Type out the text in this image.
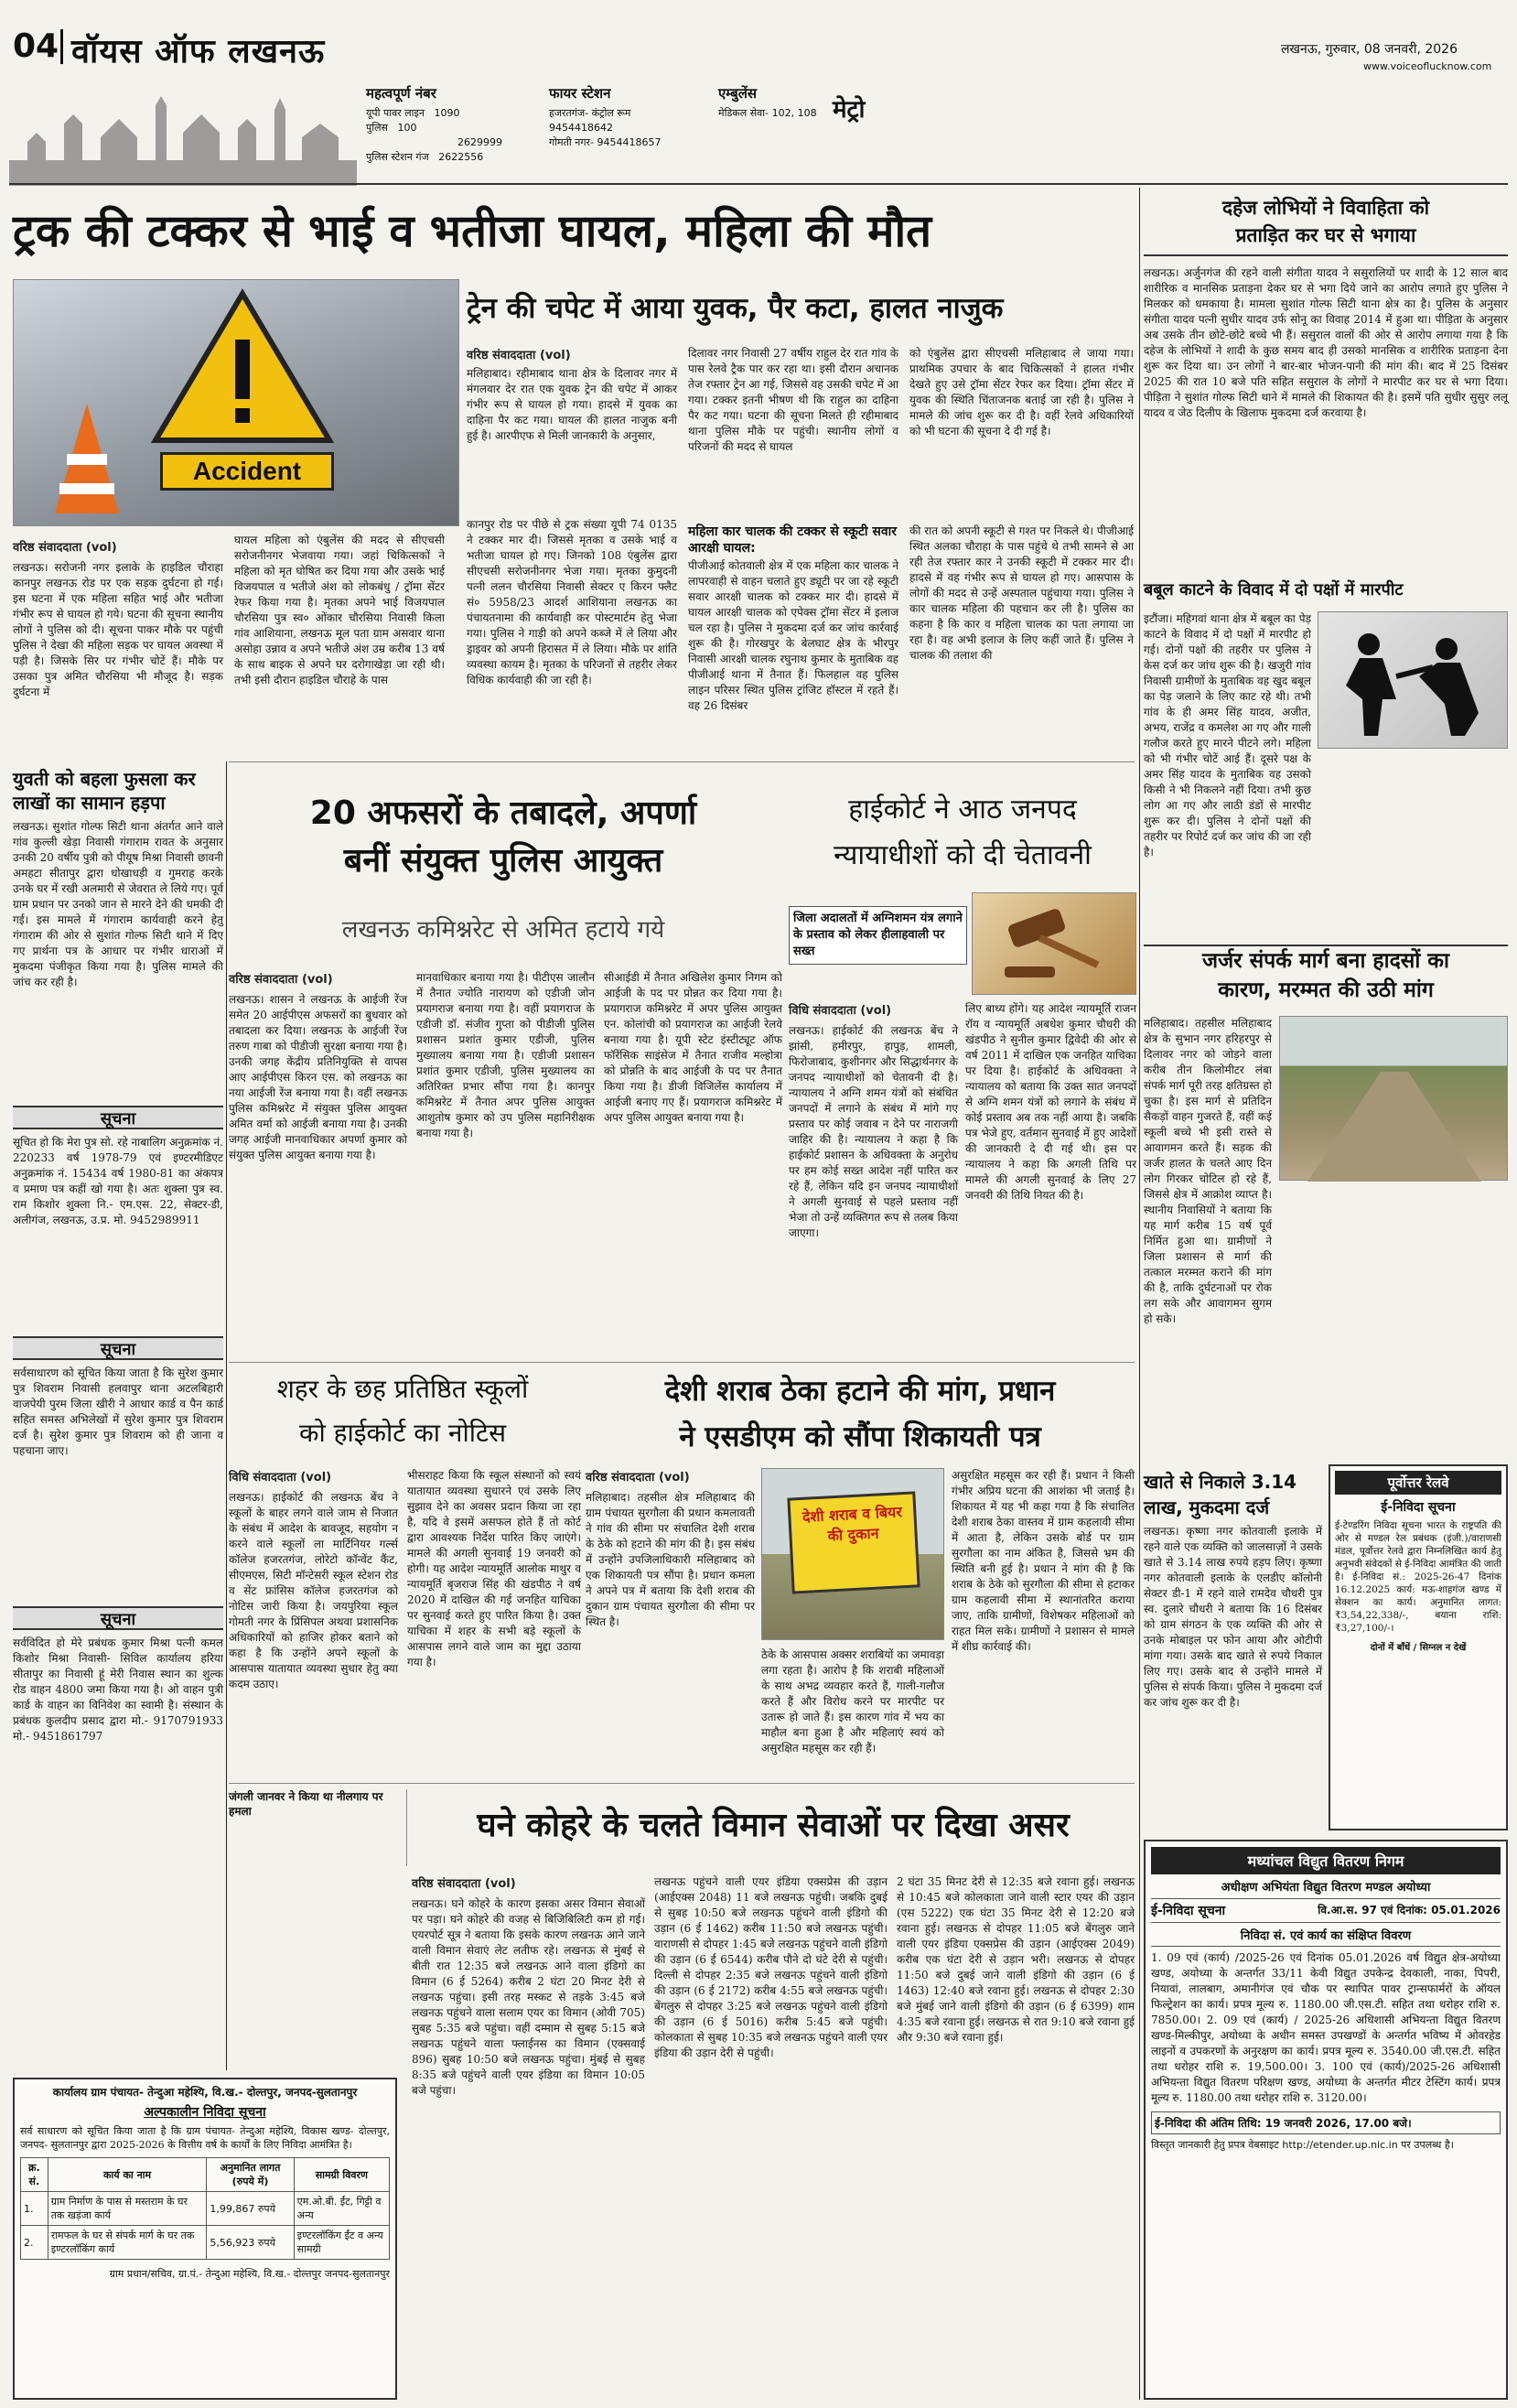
04 वॉयस ऑफ लखनऊ
महत्वपूर्ण नंबर
यूपी पावर लाइन 1090
पुलिस 100
2629999
पुलिस स्टेशन गंज 2622556
फायर स्टेशन
हजरतगंज- कंट्रोल रूम
9454418642
गोमती नगर- 9454418657
एम्बुलेंस
मेडिकल सेवा- 102, 108 मेट्रो
लखनऊ, गुरुवार, 08 जनवरी, 2026
www.voiceoflucknow.com
ट्रक की टक्कर से भाई व भतीजा घायल, महिला की मौत
Accident
वरिष्ठ संवाददाता (vol)
लखनऊ। सरोजनी नगर इलाके के हाइडिल चौराहा कानपुर लखनऊ रोड पर एक सड़क दुर्घटना हो गई। इस घटना में एक महिला सहित भाई और भतीजा गंभीर रूप से घायल हो गये। घटना की सूचना स्थानीय लोगों ने पुलिस को दी। सूचना पाकर मौके पर पहुंची पुलिस ने देखा की महिला सड़क पर घायल अवस्था में पड़ी है। जिसके सिर पर गंभीर चोटें हैं। मौके पर उसका पुत्र अमित चौरसिया भी मौजूद है। सड़क दुर्घटना में
घायल महिला को एंबुलेंस की मदद से सीएचसी सरोजनीनगर भेजवाया गया। जहां चिकित्सकों ने महिला को मृत घोषित कर दिया गया और उसके भाई विजयपाल व भतीजे अंश को लोकबंधु / ट्रॉमा सेंटर रेफर किया गया है। मृतका अपने भाई विजयपाल चौरसिया पुत्र स्व० ओंकार चौरसिया निवासी किला गांव आशियाना, लखनऊ मूल पता ग्राम असवार थाना असोहा उन्नाव व अपने भतीजे अंश उम्र करीब 13 वर्ष के साथ बाइक से अपने घर दरोगाखेड़ा जा रही थी। तभी इसी दौरान हाइडिल चौराहे के पास
कानपुर रोड पर पीछे से ट्रक संख्या यूपी 74 0135 ने टक्कर मार दी। जिससे मृतका व उसके भाई व भतीजा घायल हो गए। जिनको 108 एंबुलेंस द्वारा सीएचसी सरोजनीनगर भेजा गया। मृतका कुमुदनी पत्नी ललन चौरसिया निवासी सेक्टर ए किरन फ्लैट सं० 5958/23 आदर्श आशियाना लखनऊ का पंचायतनामा की कार्यवाही कर पोस्टमार्टम हेतु भेजा गया। पुलिस ने गाड़ी को अपने कब्जे में ले लिया और ड्राइवर को अपनी हिरासत में ले लिया। मौके पर शांति व्यवस्था कायम है। मृतका के परिजनों से तहरीर लेकर विधिक कार्यवाही की जा रही है।
ट्रेन की चपेट में आया युवक, पैर कटा, हालत नाजुक
वरिष्ठ संवाददाता (vol)
मलिहाबाद। रहीमाबाद थाना क्षेत्र के दिलावर नगर में मंगलवार देर रात एक युवक ट्रेन की चपेट में आकर गंभीर रूप से घायल हो गया। हादसे में युवक का दाहिना पैर कट गया। घायल की हालत नाजुक बनी हुई है। आरपीएफ से मिली जानकारी के अनुसार,
दिलावर नगर निवासी 27 वर्षीय राहुल देर रात गांव के पास रेलवे ट्रैक पार कर रहा था। इसी दौरान अचानक तेज रफ्तार ट्रेन आ गई, जिससे वह उसकी चपेट में आ गया। टक्कर इतनी भीषण थी कि राहुल का दाहिना पैर कट गया। घटना की सूचना मिलते ही रहीमाबाद थाना पुलिस मौके पर पहुंची। स्थानीय लोगों व परिजनों की मदद से घायल
को एंबुलेंस द्वारा सीएचसी मलिहाबाद ले जाया गया। प्राथमिक उपचार के बाद चिकित्सकों ने हालत गंभीर देखते हुए उसे ट्रॉमा सेंटर रेफर कर दिया। ट्रॉमा सेंटर में युवक की स्थिति चिंताजनक बताई जा रही है। पुलिस ने मामले की जांच शुरू कर दी है। वहीं रेलवे अधिकारियों को भी घटना की सूचना दे दी गई है।
महिला कार चालक की टक्कर से स्कूटी सवार आरक्षी घायल:
पीजीआई कोतवाली क्षेत्र में एक महिला कार चालक ने लापरवाही से वाहन चलाते हुए ड्यूटी पर जा रहे स्कूटी सवार आरक्षी चालक को टक्कर मार दी। हादसे में घायल आरक्षी चालक को एपेक्स ट्रॉमा सेंटर में इलाज चल रहा है। पुलिस ने मुकदमा दर्ज कर जांच कार्रवाई शुरू की है। गोरखपुर के बेलघाट क्षेत्र के भीरपुर निवासी आरक्षी चालक रघुनाथ कुमार के मुताबिक वह पीजीआई थाना में तैनात हैं। फिलहाल वह पुलिस लाइन परिसर स्थित पुलिस ट्रांजिट हॉस्टल में रहते हैं। वह 26 दिसंबर
की रात को अपनी स्कूटी से गश्त पर निकले थे। पीजीआई स्थित अलका चौराहा के पास पहुंचे थे तभी सामने से आ रही तेज रफ्तार कार ने उनकी स्कूटी में टक्कर मार दी। हादसे में वह गंभीर रूप से घायल हो गए। आसपास के लोगों की मदद से उन्हें अस्पताल पहुंचाया गया। पुलिस ने कार चालक महिला की पहचान कर ली है। पुलिस का कहना है कि कार व महिला चालक का पता लगाया जा रहा है। वह अभी इलाज के लिए कहीं जाते हैं। पुलिस ने चालक की तलाश की
युवती को बहला फुसला कर लाखों का सामान हड़पा
लखनऊ। सुशांत गोल्फ सिटी थाना अंतर्गत आने वाले गांव कुल्ली खेड़ा निवासी गंगाराम रावत के अनुसार उनकी 20 वर्षीय पुत्री को पीयूष मिश्रा निवासी छावनी अमहटा सीतापुर द्वारा धोखाधड़ी व गुमराह करके उनके घर में रखी अलमारी से जेवरात ले लिये गए। पूर्व ग्राम प्रधान पर उनको जान से मारने देने की धमकी दी गई। इस मामले में गंगाराम कार्यवाही करने हेतु गंगाराम की ओर से सुशांत गोल्फ सिटी थाने में दिए गए प्रार्थना पत्र के आधार पर गंभीर धाराओं में मुकदमा पंजीकृत किया गया है। पुलिस मामले की जांच कर रही है।
सूचना
सूचित हो कि मेरा पुत्र सो. रहे नाबालिग अनुक्रमांक नं. 220233 वर्ष 1978-79 एवं इण्टरमीडिएट अनुक्रमांक नं. 15434 वर्ष 1980-81 का अंकपत्र व प्रमाण पत्र कहीं खो गया है। अतः शुक्ला पुत्र स्व. राम किशोर शुक्ला नि.- एम.एस. 22, सेक्टर-डी, अलीगंज, लखनऊ, उ.प्र. मो. 9452989911
सूचना
सर्वसाधारण को सूचित किया जाता है कि सुरेश कुमार पुत्र शिवराम निवासी हलवापुर थाना अटलबिहारी वाजपेयी पुरम जिला खीरी ने आधार कार्ड व पैन कार्ड सहित समस्त अभिलेखों में सुरेश कुमार पुत्र शिवराम दर्ज है। सुरेश कुमार पुत्र शिवराम को ही जाना व पहचाना जाए।
सूचना
सर्वविदित हो मेरे प्रबंधक कुमार मिश्रा पत्नी कमल किशोर मिश्रा निवासी- सिविल कार्यालय हरिया सीतापुर का निवासी हूं मेरी निवास स्थान का शुल्क रोड वाहन 4800 जमा किया गया है। ओ वाहन पुत्री कार्ड के वाहन का विनिवेश का स्वामी है। संस्थान के प्रबंधक कुलदीप प्रसाद द्वारा मो.- 9170791933 मो.- 9451861797
20 अफसरों के तबादले, अपर्णा
बनीं संयुक्त पुलिस आयुक्त
लखनऊ कमिश्नरेट से अमित हटाये गये
वरिष्ठ संवाददाता (vol)
लखनऊ। शासन ने लखनऊ के आईजी रेंज समेत 20 आईपीएस अफसरों का बुधवार को तबादला कर दिया। लखनऊ के आईजी रेंज तरुण गाबा को पीडीजी सुरक्षा बनाया गया है। उनकी जगह केंद्रीय प्रतिनियुक्ति से वापस आए आईपीएस किरन एस. को लखनऊ का नया आईजी रेंज बनाया गया है। वहीं लखनऊ पुलिस कमिश्नरेट में संयुक्त पुलिस आयुक्त अमित वर्मा को आईजी बनाया गया है। उनकी जगह आईजी मानवाधिकार अपर्णा कुमार को संयुक्त पुलिस आयुक्त बनाया गया है।
मानवाधिकार बनाया गया है। पीटीएस जालौन में तैनात ज्योति नारायण को एडीजी जोन प्रयागराज बनाया गया है। वहीं प्रयागराज के एडीजी डॉ. संजीव गुप्ता को पीडीजी पुलिस प्रशासन प्रशांत कुमार एडीजी, पुलिस मुख्यालय बनाया गया है। एडीजी प्रशासन प्रशांत कुमार एडीजी, पुलिस मुख्यालय का अतिरिक्त प्रभार सौंपा गया है। कानपुर कमिश्नरेट में तैनात अपर पुलिस आयुक्त आशुतोष कुमार को उप पुलिस महानिरीक्षक बनाया गया है।
सीआईडी में तैनात अखिलेश कुमार निगम को आईजी के पद पर प्रोन्नत कर दिया गया है। प्रयागराज कमिश्नरेट में अपर पुलिस आयुक्त एन. कोलांची को प्रयागराज का आईजी रेलवे बनाया गया है। यूपी स्टेट इंस्टीट्यूट ऑफ फॉरेंसिक साइंसेज में तैनात राजीव मल्होत्रा को प्रोन्नति के बाद आईजी के पद पर तैनात किया गया है। डीजी विजिलेंस कार्यालय में आईजी बनाए गए हैं। प्रयागराज कमिश्नरेट में अपर पुलिस आयुक्त बनाया गया है।
हाईकोर्ट ने आठ जनपद
न्यायाधीशों को दी चेतावनी
जिला अदालतों में अग्निशमन यंत्र लगाने के प्रस्ताव को लेकर हीलाहवाली पर सख्त
विधि संवाददाता (vol)
लखनऊ। हाईकोर्ट की लखनऊ बेंच ने झांसी, हमीरपुर, हापुड़, शामली, फिरोजाबाद, कुशीनगर और सिद्धार्थनगर के जनपद न्यायाधीशों को चेतावनी दी है। न्यायालय ने अग्नि शमन यंत्रों को संबंधित जनपदों में लगाने के संबंध में मांगे गए प्रस्ताव पर कोई जवाब न देने पर नाराजगी जाहिर की है। न्यायालय ने कहा है कि हाईकोर्ट प्रशासन के अधिवक्ता के अनुरोध पर हम कोई सख्त आदेश नहीं पारित कर रहे हैं, लेकिन यदि इन जनपद न्यायाधीशों ने अगली सुनवाई से पहले प्रस्ताव नहीं भेजा तो उन्हें व्यक्तिगत रूप से तलब किया जाएगा।
लिए बाध्य होंगे। यह आदेश न्यायमूर्ति राजन रॉय व न्यायमूर्ति अबधेश कुमार चौधरी की खंडपीठ ने सुनील कुमार द्विवेदी की ओर से वर्ष 2011 में दाखिल एक जनहित याचिका पर दिया है। हाईकोर्ट के अधिवक्ता ने न्यायालय को बताया कि उक्त सात जनपदों से अग्नि शमन यंत्रों को लगाने के संबंध में कोई प्रस्ताव अब तक नहीं आया है। जबकि पत्र भेजे हुए, वर्तमान सुनवाई में हुए आदेशों की जानकारी दे दी गई थी। इस पर न्यायालय ने कहा कि अगली तिथि पर मामले की अगली सुनवाई के लिए 27 जनवरी की तिथि नियत की है।
शहर के छह प्रतिष्ठित स्कूलों
को हाईकोर्ट का नोटिस
विधि संवाददाता (vol)
लखनऊ। हाईकोर्ट की लखनऊ बेंच ने स्कूलों के बाहर लगने वाले जाम से निजात के संबंध में आदेश के बावजूद, सहयोग न करने वाले स्कूलों ला मार्टिनियर गर्ल्स कॉलेज हजरतगंज, लोरेटो कॉन्वेंट कैंट, सीएमएस, सिटी मॉन्टेसरी स्कूल स्टेशन रोड व सेंट फ्रांसिस कॉलेज हजरतगंज को नोटिस जारी किया है। जयपुरिया स्कूल गोमती नगर के प्रिंसिपल अथवा प्रशासनिक अधिकारियों को हाजिर होकर बताने को कहा है कि उन्होंने अपने स्कूलों के आसपास यातायात व्यवस्था सुधार हेतु क्या कदम उठाए।
भीसराहट किया कि स्कूल संस्थानों को स्वयं यातायात व्यवस्था सुधारने एवं उसके लिए सुझाव देने का अवसर प्रदान किया जा रहा है, यदि वे इसमें असफल होते हैं तो कोर्ट द्वारा आवश्यक निर्देश पारित किए जाएंगे। मामले की अगली सुनवाई 19 जनवरी को होगी। यह आदेश न्यायमूर्ति आलोक माथुर व न्यायमूर्ति बृजराज सिंह की खंडपीठ ने वर्ष 2020 में दाखिल की गई जनहित याचिका पर सुनवाई करते हुए पारित किया है। उक्त याचिका में शहर के सभी बड़े स्कूलों के आसपास लगने वाले जाम का मुद्दा उठाया गया है।
देशी शराब ठेका हटाने की मांग, प्रधान
ने एसडीएम को सौंपा शिकायती पत्र
वरिष्ठ संवाददाता (vol)
मलिहाबाद। तहसील क्षेत्र मलिहाबाद की ग्राम पंचायत सुरगौला की प्रधान कमलावती ने गांव की सीमा पर संचालित देशी शराब के ठेके को हटाने की मांग की है। इस संबंध में उन्होंने उपजिलाधिकारी मलिहाबाद को एक शिकायती पत्र सौंपा है। प्रधान कमला ने अपने पत्र में बताया कि देशी शराब की दुकान ग्राम पंचायत सुरगौला की सीमा पर स्थित है।
देशी शराब व बियर की दुकान
ठेके के आसपास अक्सर शराबियों का जमावड़ा लगा रहता है। आरोप है कि शराबी महिलाओं के साथ अभद्र व्यवहार करते हैं, गाली-गलौज करते हैं और विरोध करने पर मारपीट पर उतारू हो जाते हैं। इस कारण गांव में भय का माहौल बना हुआ है और महिलाएं स्वयं को असुरक्षित महसूस कर रही हैं।
असुरक्षित महसूस कर रही हैं। प्रधान ने किसी गंभीर अप्रिय घटना की आशंका भी जताई है। शिकायत में यह भी कहा गया है कि संचालित देशी शराब ठेका वास्तव में ग्राम कहलावी सीमा में आता है, लेकिन उसके बोर्ड पर ग्राम सुरगौला का नाम अंकित है, जिससे भ्रम की स्थिति बनी हुई है। प्रधान ने मांग की है कि शराब के ठेके को सुरगौला की सीमा से हटाकर ग्राम कहलावी सीमा में स्थानांतरित कराया जाए, ताकि ग्रामीणों, विशेषकर महिलाओं को राहत मिल सके। ग्रामीणों ने प्रशासन से मामले में शीघ्र कार्रवाई की।
जंगली जानवर ने किया था नीलगाय पर हमला	घने कोहरे के चलते विमान सेवाओं पर दिखा असर
वरिष्ठ संवाददाता (vol)
लखनऊ। घने कोहरे के कारण इसका असर विमान सेवाओं पर पड़ा। घने कोहरे की वजह से बिजिबिलिटी कम हो गई। एयरपोर्ट सूत्र ने बताया कि इसके कारण लखनऊ आने जाने वाली विमान सेवाएं लेट लतीफ रहे। लखनऊ से मुंबई से बीती रात 12:35 बजे लखनऊ आने वाला इंडिगो का विमान (6 ई 5264) करीब 2 घंटा 20 मिनट देरी से लखनऊ पहुंचा। इसी तरह मस्कट से तड़के 3:45 बजे लखनऊ पहुंचने वाला सलाम एयर का विमान (ओवी 705) सुबह 5:35 बजे पहुंचा। वहीं दम्माम से सुबह 5:15 बजे लखनऊ पहुंचने वाला फ्लाईनस का विमान (एक्सवाई 896) सुबह 10:50 बजे लखनऊ पहुंचा। मुंबई से सुबह 8:35 बजे पहुंचने वाली एयर इंडिया का विमान 10:05 बजे पहुंचा।
लखनऊ पहुंचने वाली एयर इंडिया एक्सप्रेस की उड़ान (आईएक्स 2048) 11 बजे लखनऊ पहुंची। जबकि दुबई से सुबह 10:50 बजे लखनऊ पहुंचने वाली इंडिगो की उड़ान (6 ई 1462) करीब 11:50 बजे लखनऊ पहुंची। वाराणसी से दोपहर 1:45 बजे लखनऊ पहुंचने वाली इंडिगो की उड़ान (6 ई 6544) करीब पौने दो घंटे देरी से पहुंची। दिल्ली से दोपहर 2:35 बजे लखनऊ पहुंचने वाली इंडिगो की उड़ान (6 ई 2172) करीब 4:55 बजे लखनऊ पहुंची। बेंगलुरु से दोपहर 3:25 बजे लखनऊ पहुंचने वाली इंडिगो की उड़ान (6 ई 5016) करीब 5:45 बजे पहुंची। कोलकाता से सुबह 10:35 बजे लखनऊ पहुंचने वाली एयर इंडिया की उड़ान देरी से पहुंची।
2 घंटा 35 मिनट देरी से 12:35 बजे रवाना हुई। लखनऊ से 10:45 बजे कोलकाता जाने वाली स्टार एयर की उड़ान (एस 5222) एक घंटा 35 मिनट देरी से 12:20 बजे रवाना हुई। लखनऊ से दोपहर 11:05 बजे बेंगलुरु जाने वाली एयर इंडिया एक्सप्रेस की उड़ान (आईएक्स 2049) करीब एक घंटा देरी से उड़ान भरी। लखनऊ से दोपहर 11:50 बजे दुबई जाने वाली इंडिगो की उड़ान (6 ई 1463) 12:40 बजे रवाना हुई। लखनऊ से दोपहर 2:30 बजे मुंबई जाने वाली इंडिगो की उड़ान (6 ई 6399) शाम 4:35 बजे रवाना हुई। लखनऊ से रात 9:10 बजे रवाना हुई और 9:30 बजे रवाना हुई।
कार्यालय ग्राम पंचायत- तेन्दुआ महेश्यि, वि.ख.- दोल्तपुर, जनपद-सुलतानपुर
अल्पकालीन निविदा सूचना
सर्व साधारण को सूचित किया जाता है कि ग्राम पंचायत- तेन्दुआ महेश्यि, विकास खण्ड- दोल्तपुर, जनपद- सुलतानपुर द्वारा 2025-2026 के वित्तीय वर्ष के कार्यों के लिए निविदा आमंत्रित है।
क्र. सं.	कार्य का नाम	अनुमानित लागत (रुपये में)	सामग्री विवरण
1.	ग्राम निर्माण के पास से मस्तराम के घर तक खड़ंजा कार्य	1,99,867 रुपये	एम.ओ.बी. ईंट, गिट्टी व अन्य
2.	रामफल के घर से संपर्क मार्ग के घर तक इण्टरलॉकिंग कार्य	5,56,923 रुपये	इण्टरलॉकिंग ईंट व अन्य सामग्री
ग्राम प्रधान/सचिव, ग्रा.पं.- तेन्दुआ महेश्यि, वि.ख.- दोल्तपुर जनपद-सुलतानपुर
दहेज लोभियों ने विवाहिता को
प्रताड़ित कर घर से भगाया
लखनऊ। अर्जुनगंज की रहने वाली संगीता यादव ने ससुरालियों पर शादी के 12 साल बाद शारीरिक व मानसिक प्रताड़ना देकर घर से भगा दिये जाने का आरोप लगाते हुए पुलिस ने मिलकर को धमकाया है। मामला सुशांत गोल्फ सिटी थाना क्षेत्र का है। पुलिस के अनुसार संगीता यादव पत्नी सुधीर यादव उर्फ सोनू का विवाह 2014 में हुआ था। पीड़िता के अनुसार अब उसके तीन छोटे-छोटे बच्चे भी हैं। ससुराल वालों की ओर से आरोप लगाया गया है कि दहेज के लोभियों ने शादी के कुछ समय बाद ही उसको मानसिक व शारीरिक प्रताड़ना देना शुरू कर दिया था। उन लोगों ने बार-बार भोजन-पानी की मांग की। बाद में 25 दिसंबर 2025 की रात 10 बजे पति सहित ससुराल के लोगों ने मारपीट कर घर से भगा दिया। पीड़िता ने सुशांत गोल्फ सिटी थाने में मामले की शिकायत की है। इसमें पति सुधीर सुसुर ललू यादव व जेठ दिलीप के खिलाफ मुकदमा दर्ज करवाया है।
बबूल काटने के विवाद में दो पक्षों में मारपीट
इटौंजा। महिगवां थाना क्षेत्र में बबूल का पेड़ काटने के विवाद में दो पक्षों में मारपीट हो गई। दोनों पक्षों की तहरीर पर पुलिस ने केस दर्ज कर जांच शुरू की है। खजुरी गांव निवासी ग्रामीणों के मुताबिक वह खुद बबूल का पेड़ जलाने के लिए काट रहे थी। तभी गांव के ही अमर सिंह यादव, अजीत, अभय, राजेंद्र व कमलेश आ गए और गाली गलौज करते हुए मारने पीटने लगे। महिला को भी गंभीर चोटें आई हैं। दूसरे पक्ष के अमर सिंह यादव के मुताबिक वह उसको किसी ने भी निकलने नहीं दिया। तभी कुछ लोग आ गए और लाठी डंडों से मारपीट शुरू कर दी। पुलिस ने दोनों पक्षों की तहरीर पर रिपोर्ट दर्ज कर जांच की जा रही है।
जर्जर संपर्क मार्ग बना हादसों का
कारण, मरम्मत की उठी मांग
मलिहाबाद। तहसील मलिहाबाद क्षेत्र के सुभान नगर हरिहरपुर से दिलावर नगर को जोड़ने वाला करीब तीन किलोमीटर लंबा संपर्क मार्ग पूरी तरह क्षतिग्रस्त हो चुका है। इस मार्ग से प्रतिदिन सैकड़ों वाहन गुजरते हैं, वहीं कई स्कूली बच्चे भी इसी रास्ते से आवागमन करते हैं। सड़क की जर्जर हालत के चलते आए दिन लोग गिरकर चोटिल हो रहे हैं, जिससे क्षेत्र में आक्रोश व्याप्त है। स्थानीय निवासियों ने बताया कि यह मार्ग करीब 15 वर्ष पूर्व निर्मित हुआ था। ग्रामीणों ने जिला प्रशासन से मार्ग की तत्काल मरम्मत कराने की मांग की है, ताकि दुर्घटनाओं पर रोक लग सके और आवागमन सुगम हो सके।
खाते से निकाले 3.14
लाख, मुकदमा दर्ज
लखनऊ। कृष्णा नगर कोतवाली इलाके में रहने वाले एक व्यक्ति को जालसाज़ों ने उसके खाते से 3.14 लाख रुपये हड़प लिए। कृष्णा नगर कोतवाली इलाके के एलडीए कॉलोनी सेक्टर डी-1 में रहने वाले रामदेव चौधरी पुत्र स्व. दुलारे चौधरी ने बताया कि 16 दिसंबर को ग्राम संगठन के एक व्यक्ति की ओर से उनके मोबाइल पर फोन आया और ओटीपी मांगा गया। उसके बाद खाते से रुपये निकाल लिए गए। उसके बाद से उन्होंने मामले में पुलिस से संपर्क किया। पुलिस ने मुकदमा दर्ज कर जांच शुरू कर दी है।
पूर्वोत्तर रेलवे
ई-निविदा सूचना
ई-टेण्डरिंग निविदा सूचना भारत के राष्ट्रपति की ओर से मण्डल रेल प्रबंधक (इंजी.)/वाराणसी मंडल, पूर्वोत्तर रेलवे द्वारा निम्नलिखित कार्य हेतु अनुभवी संवेदकों से ई-निविदा आमंत्रित की जाती है। ई-निविदा सं.: 2025-26-47 दिनांक 16.12.2025 कार्य: मऊ-शाहगंज खण्ड में सेक्शन का कार्य। अनुमानित लागत: ₹3,54,22,338/-, बयाना राशि: ₹3,27,100/-।
दोनों में बाँधें / सिग्नल न देखें
मध्यांचल विद्युत वितरण निगम
अधीक्षण अभियंता विद्युत वितरण मण्डल अयोध्या
ई-निविदा सूचना	वि.आ.स. 97 एवं दिनांक: 05.01.2026
निविदा सं. एवं कार्य का संक्षिप्त विवरण
1. 09 एवं (कार्य) /2025-26 एवं दिनांक 05.01.2026 वर्ष विद्युत क्षेत्र-अयोध्या खण्ड, अयोध्या के अन्तर्गत 33/11 केवी विद्युत उपकेन्द्र देवकाली, नाका, पिपरी, नियावां, लालबाग, अमानीगंज एवं चौक पर स्थापित पावर ट्रान्सफार्मरों के ऑयल फिल्ट्रेशन का कार्य। प्रपत्र मूल्य रु. 1180.00 जी.एस.टी. सहित तथा धरोहर राशि रु. 7850.00। 2. 09 एवं (कार्य) / 2025-26 अधिशासी अभियन्ता विद्युत वितरण खण्ड-मिल्कीपुर, अयोध्या के अधीन समस्त उपखण्डों के अन्तर्गत भविष्य में ओवरहेड लाइनों व उपकरणों के अनुरक्षण का कार्य। प्रपत्र मूल्य रु. 3540.00 जी.एस.टी. सहित तथा धरोहर राशि रु. 19,500.00। 3. 100 एवं (कार्य)/2025-26 अधिशासी अभियन्ता विद्युत वितरण परिक्षण खण्ड, अयोध्या के अन्तर्गत मीटर टेस्टिंग कार्य। प्रपत्र मूल्य रु. 1180.00 तथा धरोहर राशि रु. 3120.00।
ई-निविदा की अंतिम तिथि: 19 जनवरी 2026, 17.00 बजे।
विस्तृत जानकारी हेतु प्रपत्र वेबसाइट http://etender.up.nic.in पर उपलब्ध है।
